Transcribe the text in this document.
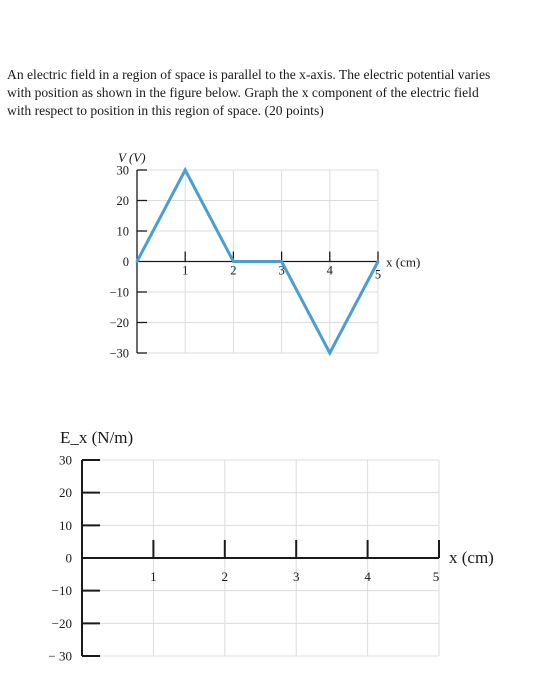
An electric field in a region of space is parallel to the x-axis. The electric potential varies
with position as shown in the figure below. Graph the x component of the electric field
with respect to position in this region of space. (20 points)

30
20
10
0
−10
−20
−30
1	2	3	4	5
V (V)
x (cm)
30
20
10
0
−10
−20
− 30
1	2	3	4	5
E_x (N/m)
x (cm)
